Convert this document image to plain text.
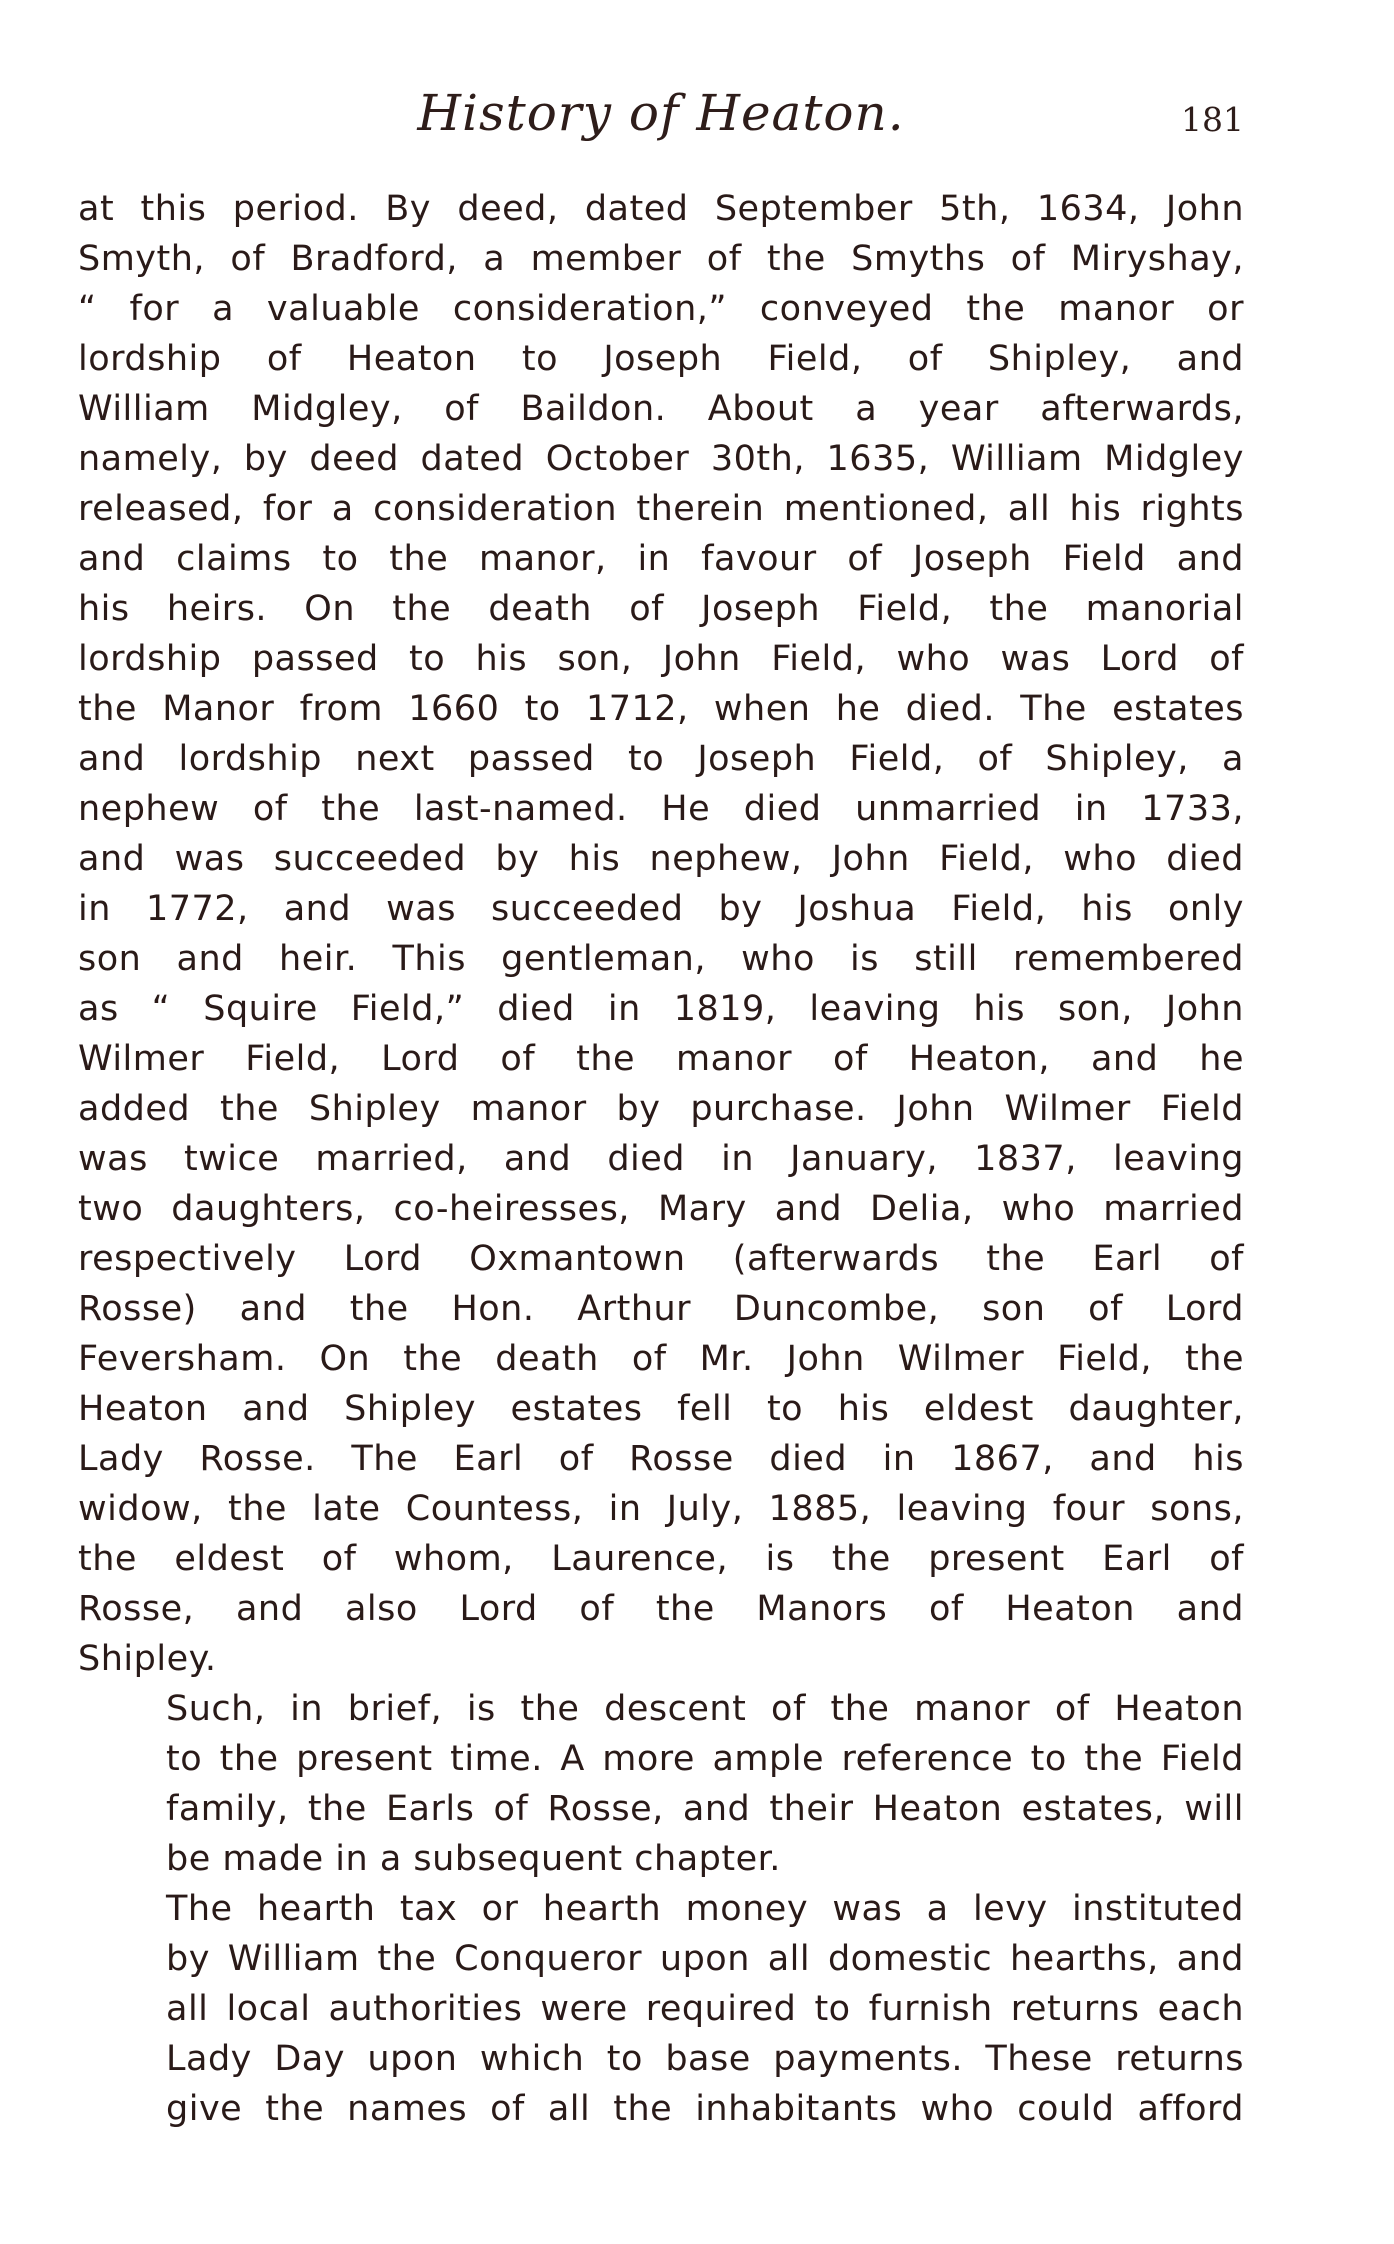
History of Heaton.	181
at this period. By deed, dated September 5th, 1634, John
Smyth, of Bradford, a member of the Smyths of Miryshay,
“ for a valuable consideration,” conveyed the manor or
lordship of Heaton to Joseph Field, of Shipley, and
William Midgley, of Baildon. About a year afterwards,
namely, by deed dated October 30th, 1635, William Midgley
released, for a consideration therein mentioned, all his rights
and claims to the manor, in favour of Joseph Field and
his heirs. On the death of Joseph Field, the manorial
lordship passed to his son, John Field, who was Lord of
the Manor from 1660 to 1712, when he died. The estates
and lordship next passed to Joseph Field, of Shipley, a
nephew of the last-named. He died unmarried in 1733,
and was succeeded by his nephew, John Field, who died
in 1772, and was succeeded by Joshua Field, his only
son and heir. This gentleman, who is still remembered
as “ Squire Field,” died in 1819, leaving his son, John
Wilmer Field, Lord of the manor of Heaton, and he
added the Shipley manor by purchase. John Wilmer Field
was twice married, and died in January, 1837, leaving
two daughters, co-heiresses, Mary and Delia, who married
respectively Lord Oxmantown (afterwards the Earl of
Rosse) and the Hon. Arthur Duncombe, son of Lord
Feversham. On the death of Mr. John Wilmer Field, the
Heaton and Shipley estates fell to his eldest daughter,
Lady Rosse. The Earl of Rosse died in 1867, and his
widow, the late Countess, in July, 1885, leaving four sons,
the eldest of whom, Laurence, is the present Earl of
Rosse, and also Lord of the Manors of Heaton and
Shipley.
Such, in brief, is the descent of the manor of Heaton
to the present time. A more ample reference to the Field
family, the Earls of Rosse, and their Heaton estates, will
be made in a subsequent chapter.
The hearth tax or hearth money was a levy instituted
by William the Conqueror upon all domestic hearths, and
all local authorities were required to furnish returns each
Lady Day upon which to base payments. These returns
give the names of all the inhabitants who could afford
